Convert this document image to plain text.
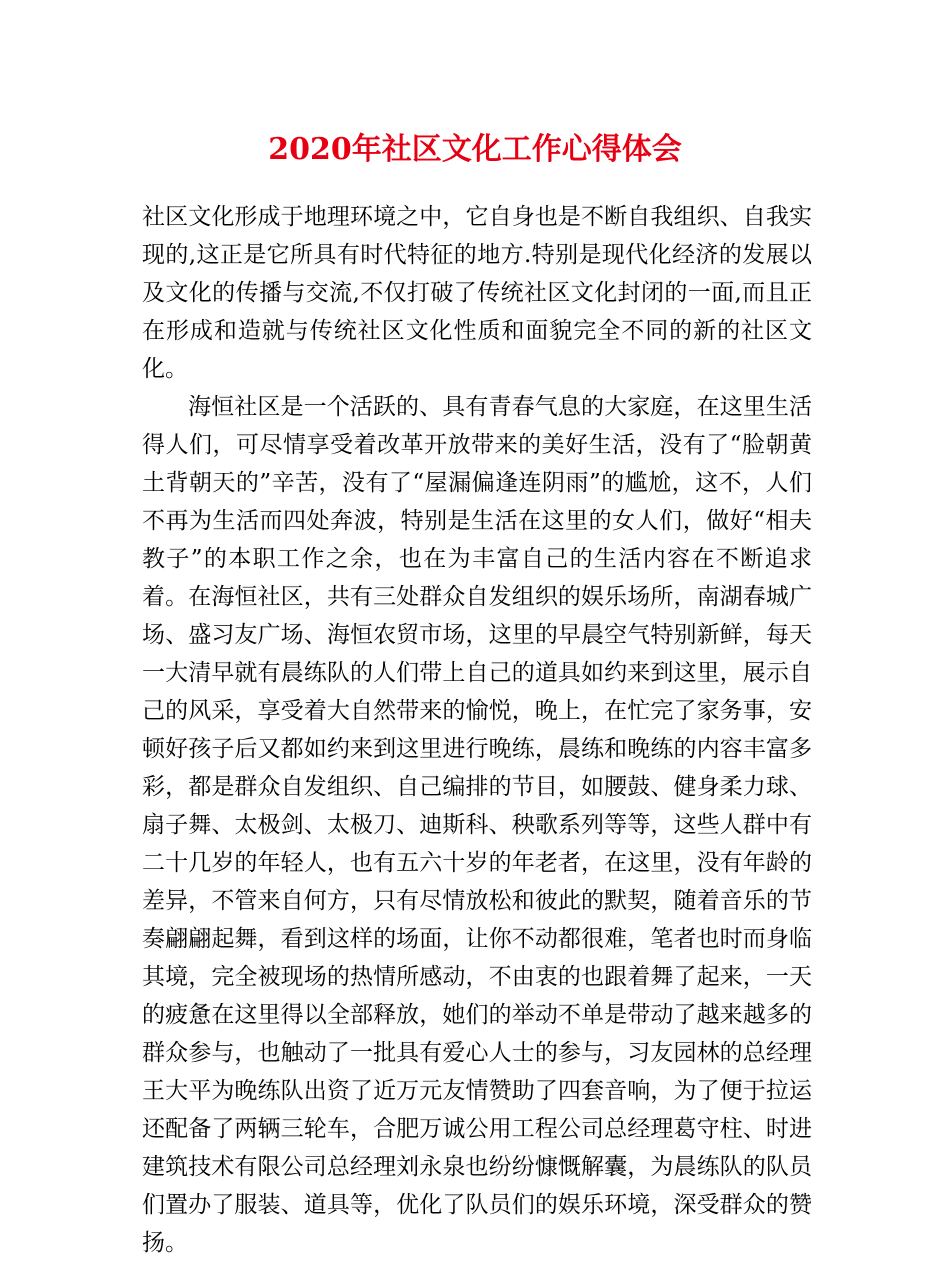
2020年社区文化工作心得体会

社区文化形成于地理环境之中，它自身也是不断自我组织、自我实现的,这正是它所具有时代特征的地方.特别是现代化经济的发展以及文化的传播与交流,不仅打破了传统社区文化封闭的一面,而且正在形成和造就与传统社区文化性质和面貌完全不同的新的社区文化。

海恒社区是一个活跃的、具有青春气息的大家庭，在这里生活得人们，可尽情享受着改革开放带来的美好生活，没有了“脸朝黄土背朝天的”辛苦，没有了“屋漏偏逢连阴雨”的尴尬，这不，人们不再为生活而四处奔波，特别是生活在这里的女人们，做好“相夫教子”的本职工作之余，也在为丰富自己的生活内容在不断追求着。在海恒社区，共有三处群众自发组织的娱乐场所，南湖春城广场、盛习友广场、海恒农贸市场，这里的早晨空气特别新鲜，每天一大清早就有晨练队的人们带上自己的道具如约来到这里，展示自己的风采，享受着大自然带来的愉悦，晚上，在忙完了家务事，安顿好孩子后又都如约来到这里进行晚练，晨练和晚练的内容丰富多彩，都是群众自发组织、自己编排的节目，如腰鼓、健身柔力球、扇子舞、太极剑、太极刀、迪斯科、秧歌系列等等，这些人群中有二十几岁的年轻人，也有五六十岁的年老者，在这里，没有年龄的差异，不管来自何方，只有尽情放松和彼此的默契，随着音乐的节奏翩翩起舞，看到这样的场面，让你不动都很难，笔者也时而身临其境，完全被现场的热情所感动，不由衷的也跟着舞了起来，一天的疲惫在这里得以全部释放，她们的举动不单是带动了越来越多的群众参与，也触动了一批具有爱心人士的参与，习友园林的总经理王大平为晚练队出资了近万元友情赞助了四套音响，为了便于拉运还配备了两辆三轮车，合肥万诚公用工程公司总经理葛守柱、时进建筑技术有限公司总经理刘永泉也纷纷慷慨解囊，为晨练队的队员们置办了服装、道具等，优化了队员们的娱乐环境，深受群众的赞扬。
